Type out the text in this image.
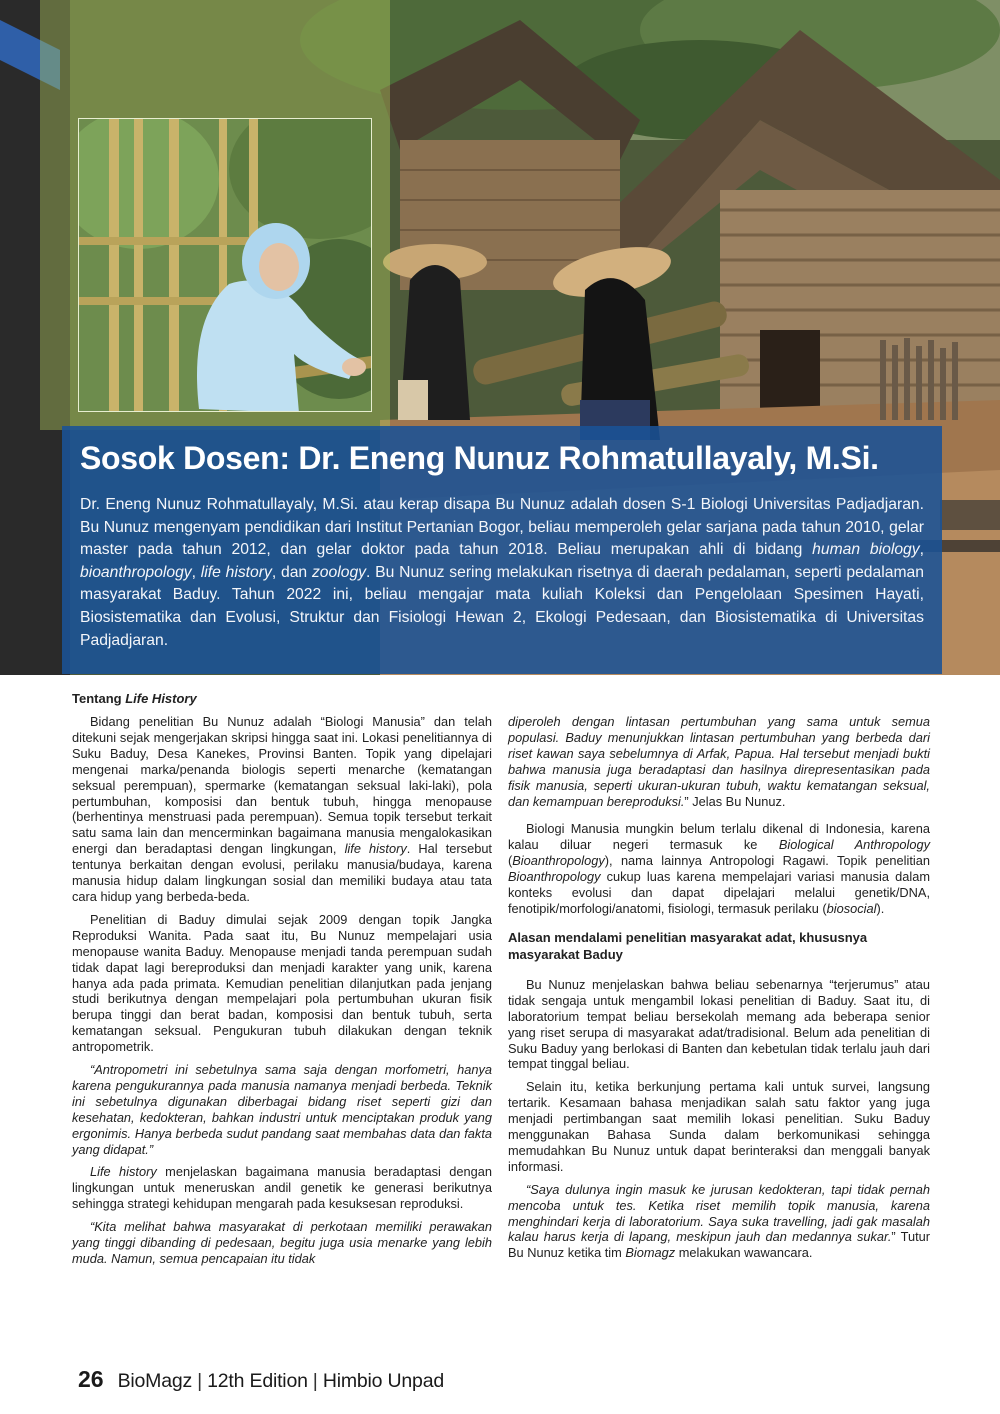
Sosok Dosen: Dr. Eneng Nunuz Rohmatullayaly, M.Si.

Dr. Eneng Nunuz Rohmatullayaly, M.Si. atau kerap disapa Bu Nunuz adalah dosen S-1 Biologi Universitas Padjadjaran. Bu Nunuz mengenyam pendidikan dari Institut Pertanian Bogor, beliau memperoleh gelar sarjana pada tahun 2010, gelar master pada tahun 2012, dan gelar doktor pada tahun 2018. Beliau merupakan ahli di bidang human biology, bioanthropology, life history, dan zoology. Bu Nunuz sering melakukan risetnya di daerah pedalaman, seperti pedalaman masyarakat Baduy. Tahun 2022 ini, beliau mengajar mata kuliah Koleksi dan Pengelolaan Spesimen Hayati, Biosistematika dan Evolusi, Struktur dan Fisiologi Hewan 2, Ekologi Pedesaan, dan Biosistematika di Universitas Padjadjaran.

Tentang Life History

Bidang penelitian Bu Nunuz adalah “Biologi Manusia” dan telah ditekuni sejak mengerjakan skripsi hingga saat ini. Lokasi penelitiannya di Suku Baduy, Desa Kanekes, Provinsi Banten. Topik yang dipelajari mengenai marka/penanda biologis seperti menarche (kematangan seksual perempuan), spermarke (kematangan seksual laki-laki), pola pertumbuhan, komposisi dan bentuk tubuh, hingga menopause (berhentinya menstruasi pada perempuan). Semua topik tersebut terkait satu sama lain dan mencerminkan bagaimana manusia mengalokasikan energi dan beradaptasi dengan lingkungan, life history. Hal tersebut tentunya berkaitan dengan evolusi, perilaku manusia/budaya, karena manusia hidup dalam lingkungan sosial dan memiliki budaya atau tata cara hidup yang berbeda-beda.

Penelitian di Baduy dimulai sejak 2009 dengan topik Jangka Reproduksi Wanita. Pada saat itu, Bu Nunuz mempelajari usia menopause wanita Baduy. Menopause menjadi tanda perempuan sudah tidak dapat lagi bereproduksi dan menjadi karakter yang unik, karena hanya ada pada primata. Kemudian penelitian dilanjutkan pada jenjang studi berikutnya dengan mempelajari pola pertumbuhan ukuran fisik berupa tinggi dan berat badan, komposisi dan bentuk tubuh, serta kematangan seksual. Pengukuran tubuh dilakukan dengan teknik antropometrik.

“Antropometri ini sebetulnya sama saja dengan morfometri, hanya karena pengukurannya pada manusia namanya menjadi berbeda. Teknik ini sebetulnya digunakan diberbagai bidang riset seperti gizi dan kesehatan, kedokteran, bahkan industri untuk menciptakan produk yang ergonimis. Hanya berbeda sudut pandang saat membahas data dan fakta yang didapat.”

Life history menjelaskan bagaimana manusia beradaptasi dengan lingkungan untuk meneruskan andil genetik ke generasi berikutnya sehingga strategi kehidupan mengarah pada kesuksesan reproduksi.

“Kita melihat bahwa masyarakat di perkotaan memiliki perawakan yang tinggi dibanding di pedesaan, begitu juga usia menarke yang lebih muda. Namun, semua pencapaian itu tidak

diperoleh dengan lintasan pertumbuhan yang sama untuk semua populasi. Baduy menunjukkan lintasan pertumbuhan yang berbeda dari riset kawan saya sebelumnya di Arfak, Papua. Hal tersebut menjadi bukti bahwa manusia juga beradaptasi dan hasilnya direpresentasikan pada fisik manusia, seperti ukuran-ukuran tubuh, waktu kematangan seksual, dan kemampuan bereproduksi.” Jelas Bu Nunuz.

Biologi Manusia mungkin belum terlalu dikenal di Indonesia, karena kalau diluar negeri termasuk ke Biological Anthropology (Bioanthropology), nama lainnya Antropologi Ragawi. Topik penelitian Bioanthropology cukup luas karena mempelajari variasi manusia dalam konteks evolusi dan dapat dipelajari melalui genetik/DNA, fenotipik/morfologi/anatomi, fisiologi, termasuk perilaku (biosocial).

Alasan mendalami penelitian masyarakat adat, khususnya masyarakat Baduy

Bu Nunuz menjelaskan bahwa beliau sebenarnya “terjerumus” atau tidak sengaja untuk mengambil lokasi penelitian di Baduy. Saat itu, di laboratorium tempat beliau bersekolah memang ada beberapa senior yang riset serupa di masyarakat adat/tradisional. Belum ada penelitian di Suku Baduy yang berlokasi di Banten dan kebetulan tidak terlalu jauh dari tempat tinggal beliau.

Selain itu, ketika berkunjung pertama kali untuk survei, langsung tertarik. Kesamaan bahasa menjadikan salah satu faktor yang juga menjadi pertimbangan saat memilih lokasi penelitian. Suku Baduy menggunakan Bahasa Sunda dalam berkomunikasi sehingga memudahkan Bu Nunuz untuk dapat berinteraksi dan menggali banyak informasi.

“Saya dulunya ingin masuk ke jurusan kedokteran, tapi tidak pernah mencoba untuk tes. Ketika riset memilih topik manusia, karena menghindari kerja di laboratorium. Saya suka travelling, jadi gak masalah kalau harus kerja di lapang, meskipun jauh dan medannya sukar.” Tutur Bu Nunuz ketika tim Biomagz melakukan wawancara.

26 BioMagz | 12th Edition | Himbio Unpad
